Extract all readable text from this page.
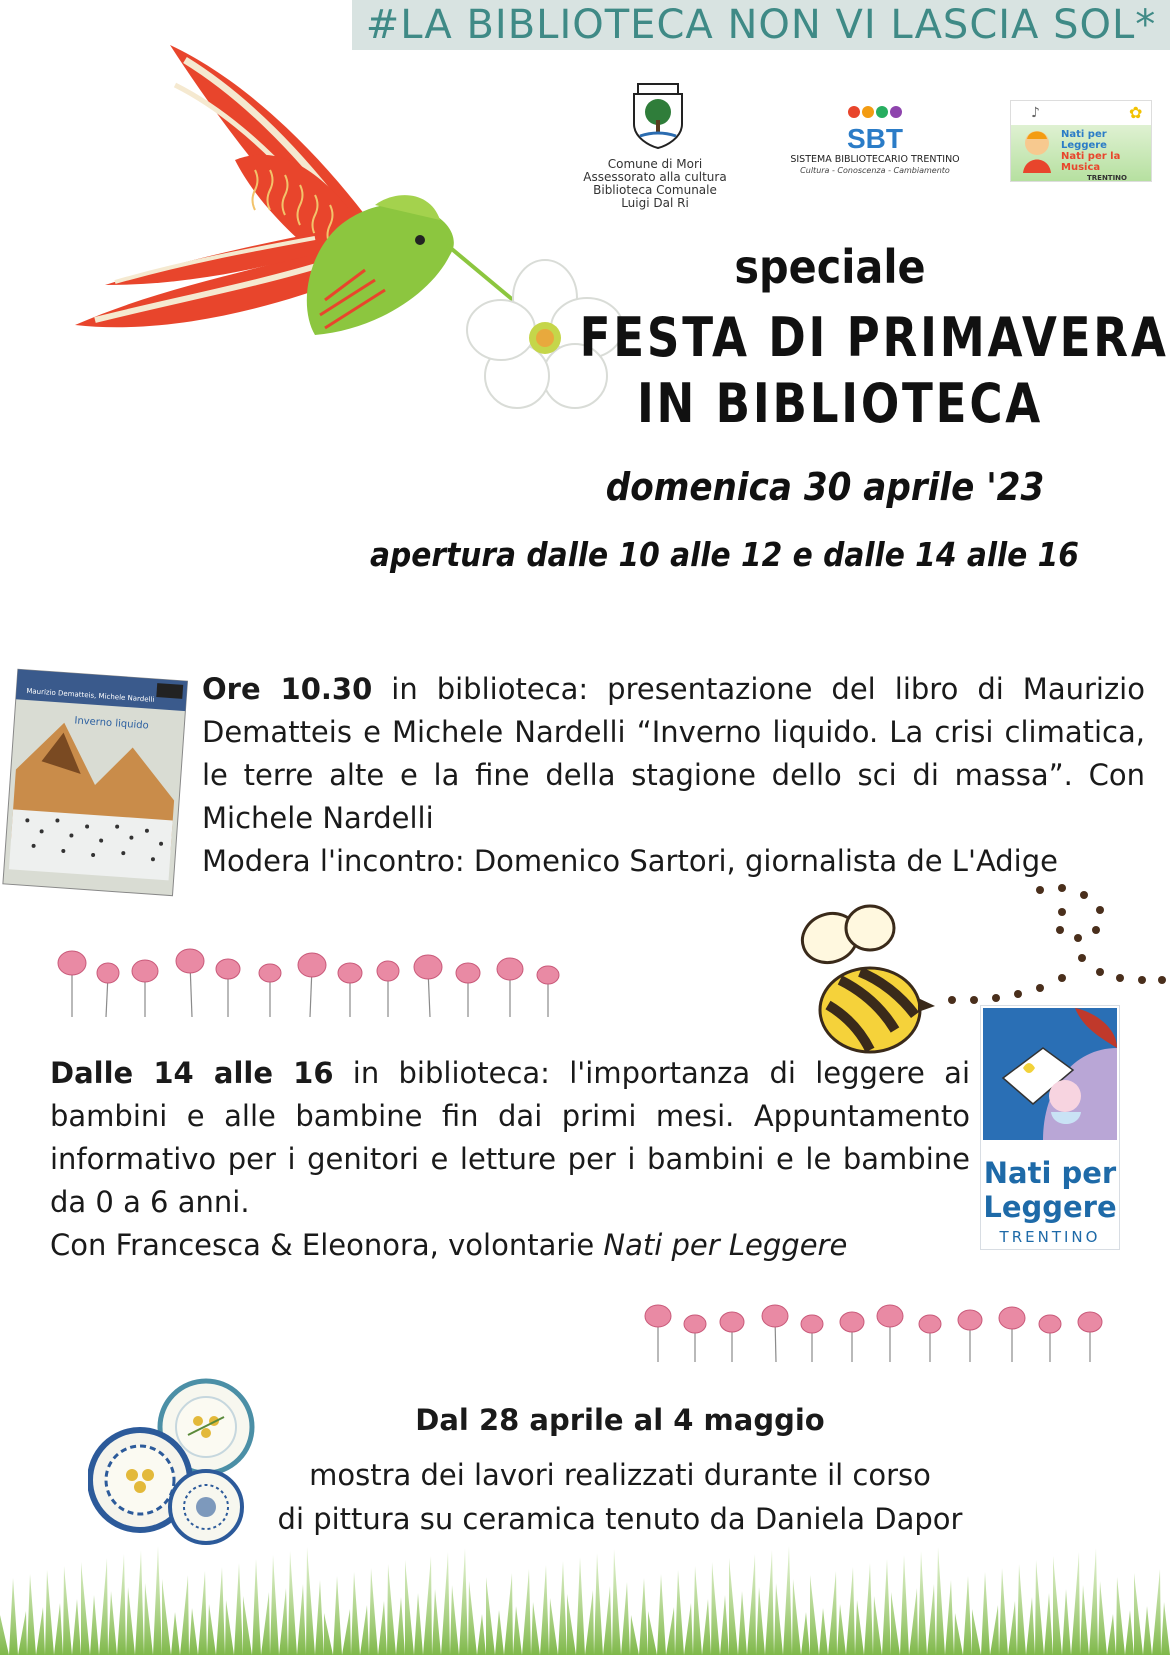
#LA BIBLIOTECA NON VI LASCIA SOL*
Comune di Mori
Assessorato alla cultura
Biblioteca Comunale
Luigi Dal Ri
SBT
SISTEMA BIBLIOTECARIO TRENTINO
Cultura - Conoscenza - Cambiamento
Nati per Leggere
Nati per la Musica
TRENTINO
♪	✿
speciale
FESTA DI PRIMAVERA
IN BIBLIOTECA
domenica 30 aprile '23
apertura dalle 10 alle 12 e dalle 14 alle 16
Maurizio Dematteis, Michele Nardelli
Inverno liquido
Ore 10.30 in biblioteca: presentazione del libro di Maurizio Dematteis e Michele Nardelli “Inverno liquido. La crisi climatica, le terre alte e la fine della stagione dello sci di massa”. Con Michele Nardelli

Modera l'incontro: Domenico Sartori, giornalista de L'Adige
Dalle 14 alle 16 in biblioteca: l'importanza di leggere ai bambini e alle bambine fin dai primi mesi. Appuntamento informativo per i genitori e letture per i bambini e le bambine da 0 a 6 anni.

Con Francesca & Eleonora, volontarie Nati per Leggere
Nati per
Leggere
TRENTINO
Dal 28 aprile al 4 maggio
mostra dei lavori realizzati durante il corso
di pittura su ceramica tenuto da Daniela Dapor
